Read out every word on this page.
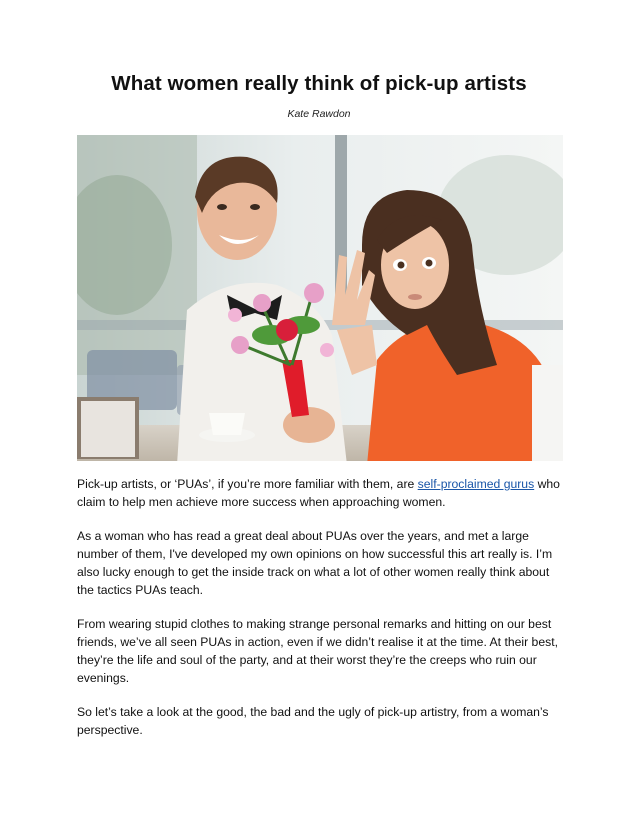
What women really think of pick-up artists
Kate Rawdon

Pick-up artists, or ‘PUAs’, if you’re more familiar with them, are self-proclaimed gurus who claim to help men achieve more success when approaching women.

As a woman who has read a great deal about PUAs over the years, and met a large number of them, I've developed my own opinions on how successful this art really is. I’m also lucky enough to get the inside track on what a lot of other women really think about the tactics PUAs teach.

From wearing stupid clothes to making strange personal remarks and hitting on our best friends, we’ve all seen PUAs in action, even if we didn’t realise it at the time. At their best, they’re the life and soul of the party, and at their worst they’re the creeps who ruin our evenings.

So let’s take a look at the good, the bad and the ugly of pick-up artistry, from a woman’s perspective.
